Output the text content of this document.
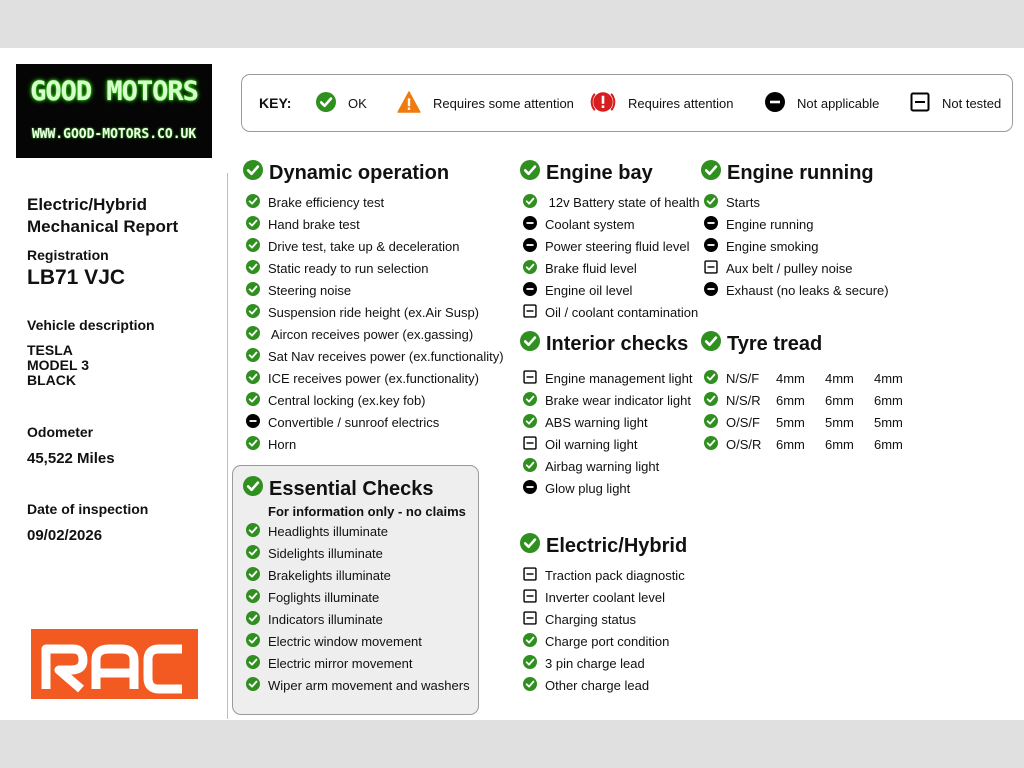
GOOD MOTORS
WWW.GOOD-MOTORS.CO.UK
Electric/Hybrid
Mechanical Report
Registration
LB71 VJC
Vehicle description
TESLA
MODEL 3
BLACK
Odometer
45,522 Miles
Date of inspection
09/02/2026
KEY:	OK	Requires some attention	Requires attention	Not applicable	Not tested
Dynamic operation	Engine bay	Engine running
Interior checks Tyre tread
Electric/Hybrid
Essential Checks
For information only - no claims
Brake efficiency test
Hand brake test
Drive test, take up & deceleration
Static ready to run selection
Steering noise
Suspension ride height (ex.Air Susp)
Aircon receives power (ex.gassing)
Sat Nav receives power (ex.functionality)
ICE receives power (ex.functionality)
Central locking (ex.key fob)
Convertible / sunroof electrics
Horn
Headlights illuminate
Sidelights illuminate
Brakelights illuminate
Foglights illuminate
Indicators illuminate
Electric window movement
Electric mirror movement
Wiper arm movement and washers
12v Battery state of health
Coolant system
Power steering fluid level
Brake fluid level
Engine oil level
Oil / coolant contamination
Engine management light
Brake wear indicator light
ABS warning light
Oil warning light
Airbag warning light
Glow plug light
Traction pack diagnostic
Inverter coolant level
Charging status
Charge port condition
3 pin charge lead
Other charge lead
Starts
Engine running
Engine smoking
Aux belt / pulley noise
Exhaust (no leaks & secure)
N/S/F	4mm	4mm	4mm
N/S/R	6mm	6mm	6mm
O/S/F	5mm	5mm	5mm
O/S/R	6mm	6mm	6mm
